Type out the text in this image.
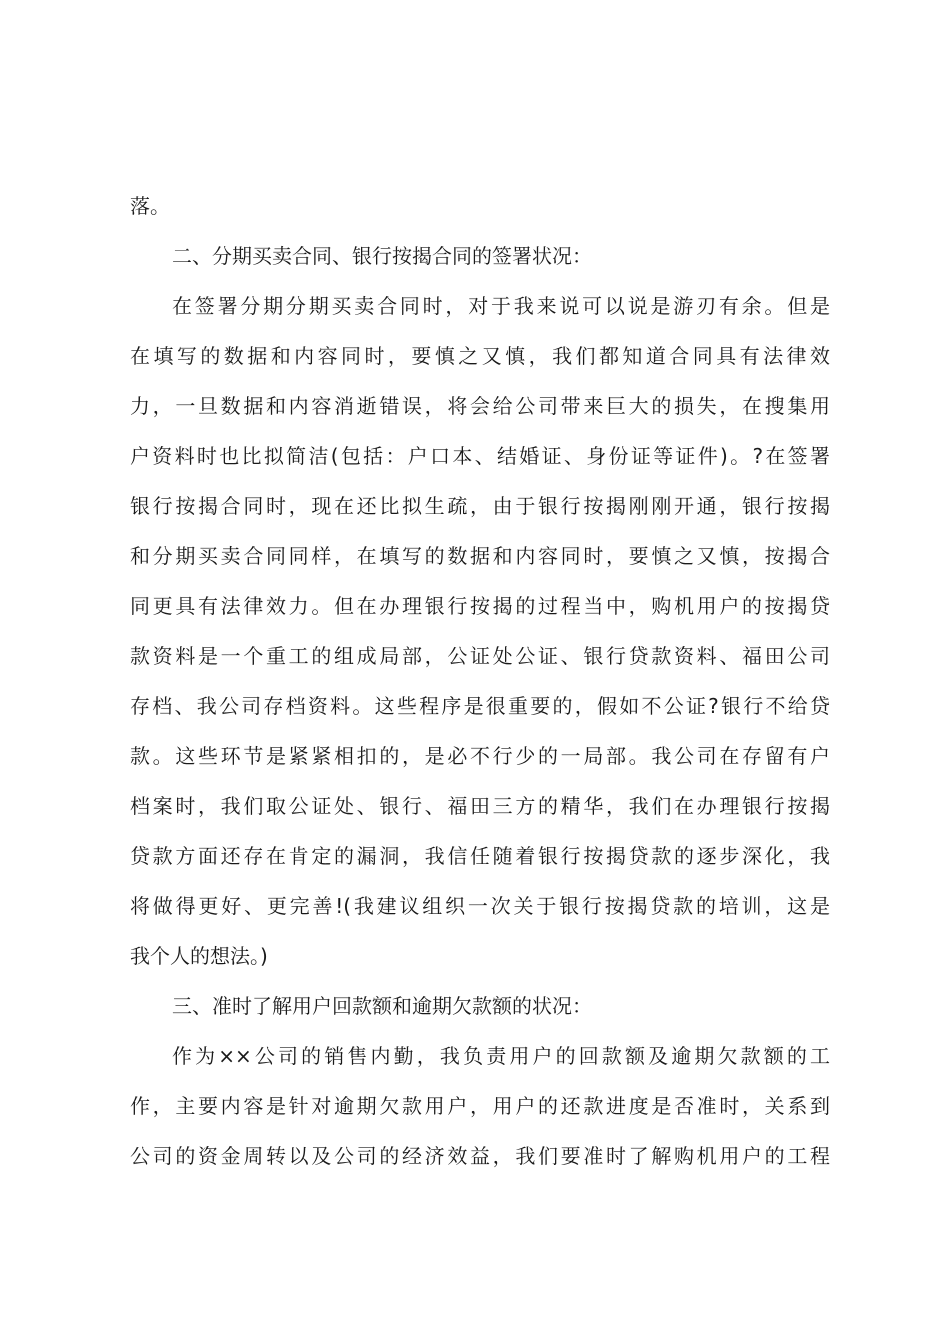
落。
二、分期买卖合同、银行按揭合同的签署状况：
在签署分期分期买卖合同时，对于我来说可以说是游刃有余。但是
在填写的数据和内容同时，要慎之又慎，我们都知道合同具有法律效
力，一旦数据和内容消逝错误，将会给公司带来巨大的损失，在搜集用
户资料时也比拟简洁(包括：户口本、结婚证、身份证等证件)。?在签署
银行按揭合同时，现在还比拟生疏，由于银行按揭刚刚开通，银行按揭
和分期买卖合同同样，在填写的数据和内容同时，要慎之又慎，按揭合
同更具有法律效力。但在办理银行按揭的过程当中，购机用户的按揭贷
款资料是一个重工的组成局部，公证处公证、银行贷款资料、福田公司
存档、我公司存档资料。这些程序是很重要的，假如不公证?银行不给贷
款。这些环节是紧紧相扣的，是必不行少的一局部。我公司在存留有户
档案时，我们取公证处、银行、福田三方的精华，我们在办理银行按揭
贷款方面还存在肯定的漏洞，我信任随着银行按揭贷款的逐步深化，我
将做得更好、更完善!(我建议组织一次关于银行按揭贷款的培训，这是
我个人的想法。)
三、准时了解用户回款额和逾期欠款额的状况：
作为××公司的销售内勤，我负责用户的回款额及逾期欠款额的工
作，主要内容是针对逾期欠款用户，用户的还款进度是否准时，关系到
公司的资金周转以及公司的经济效益，我们要准时了解购机用户的工程
